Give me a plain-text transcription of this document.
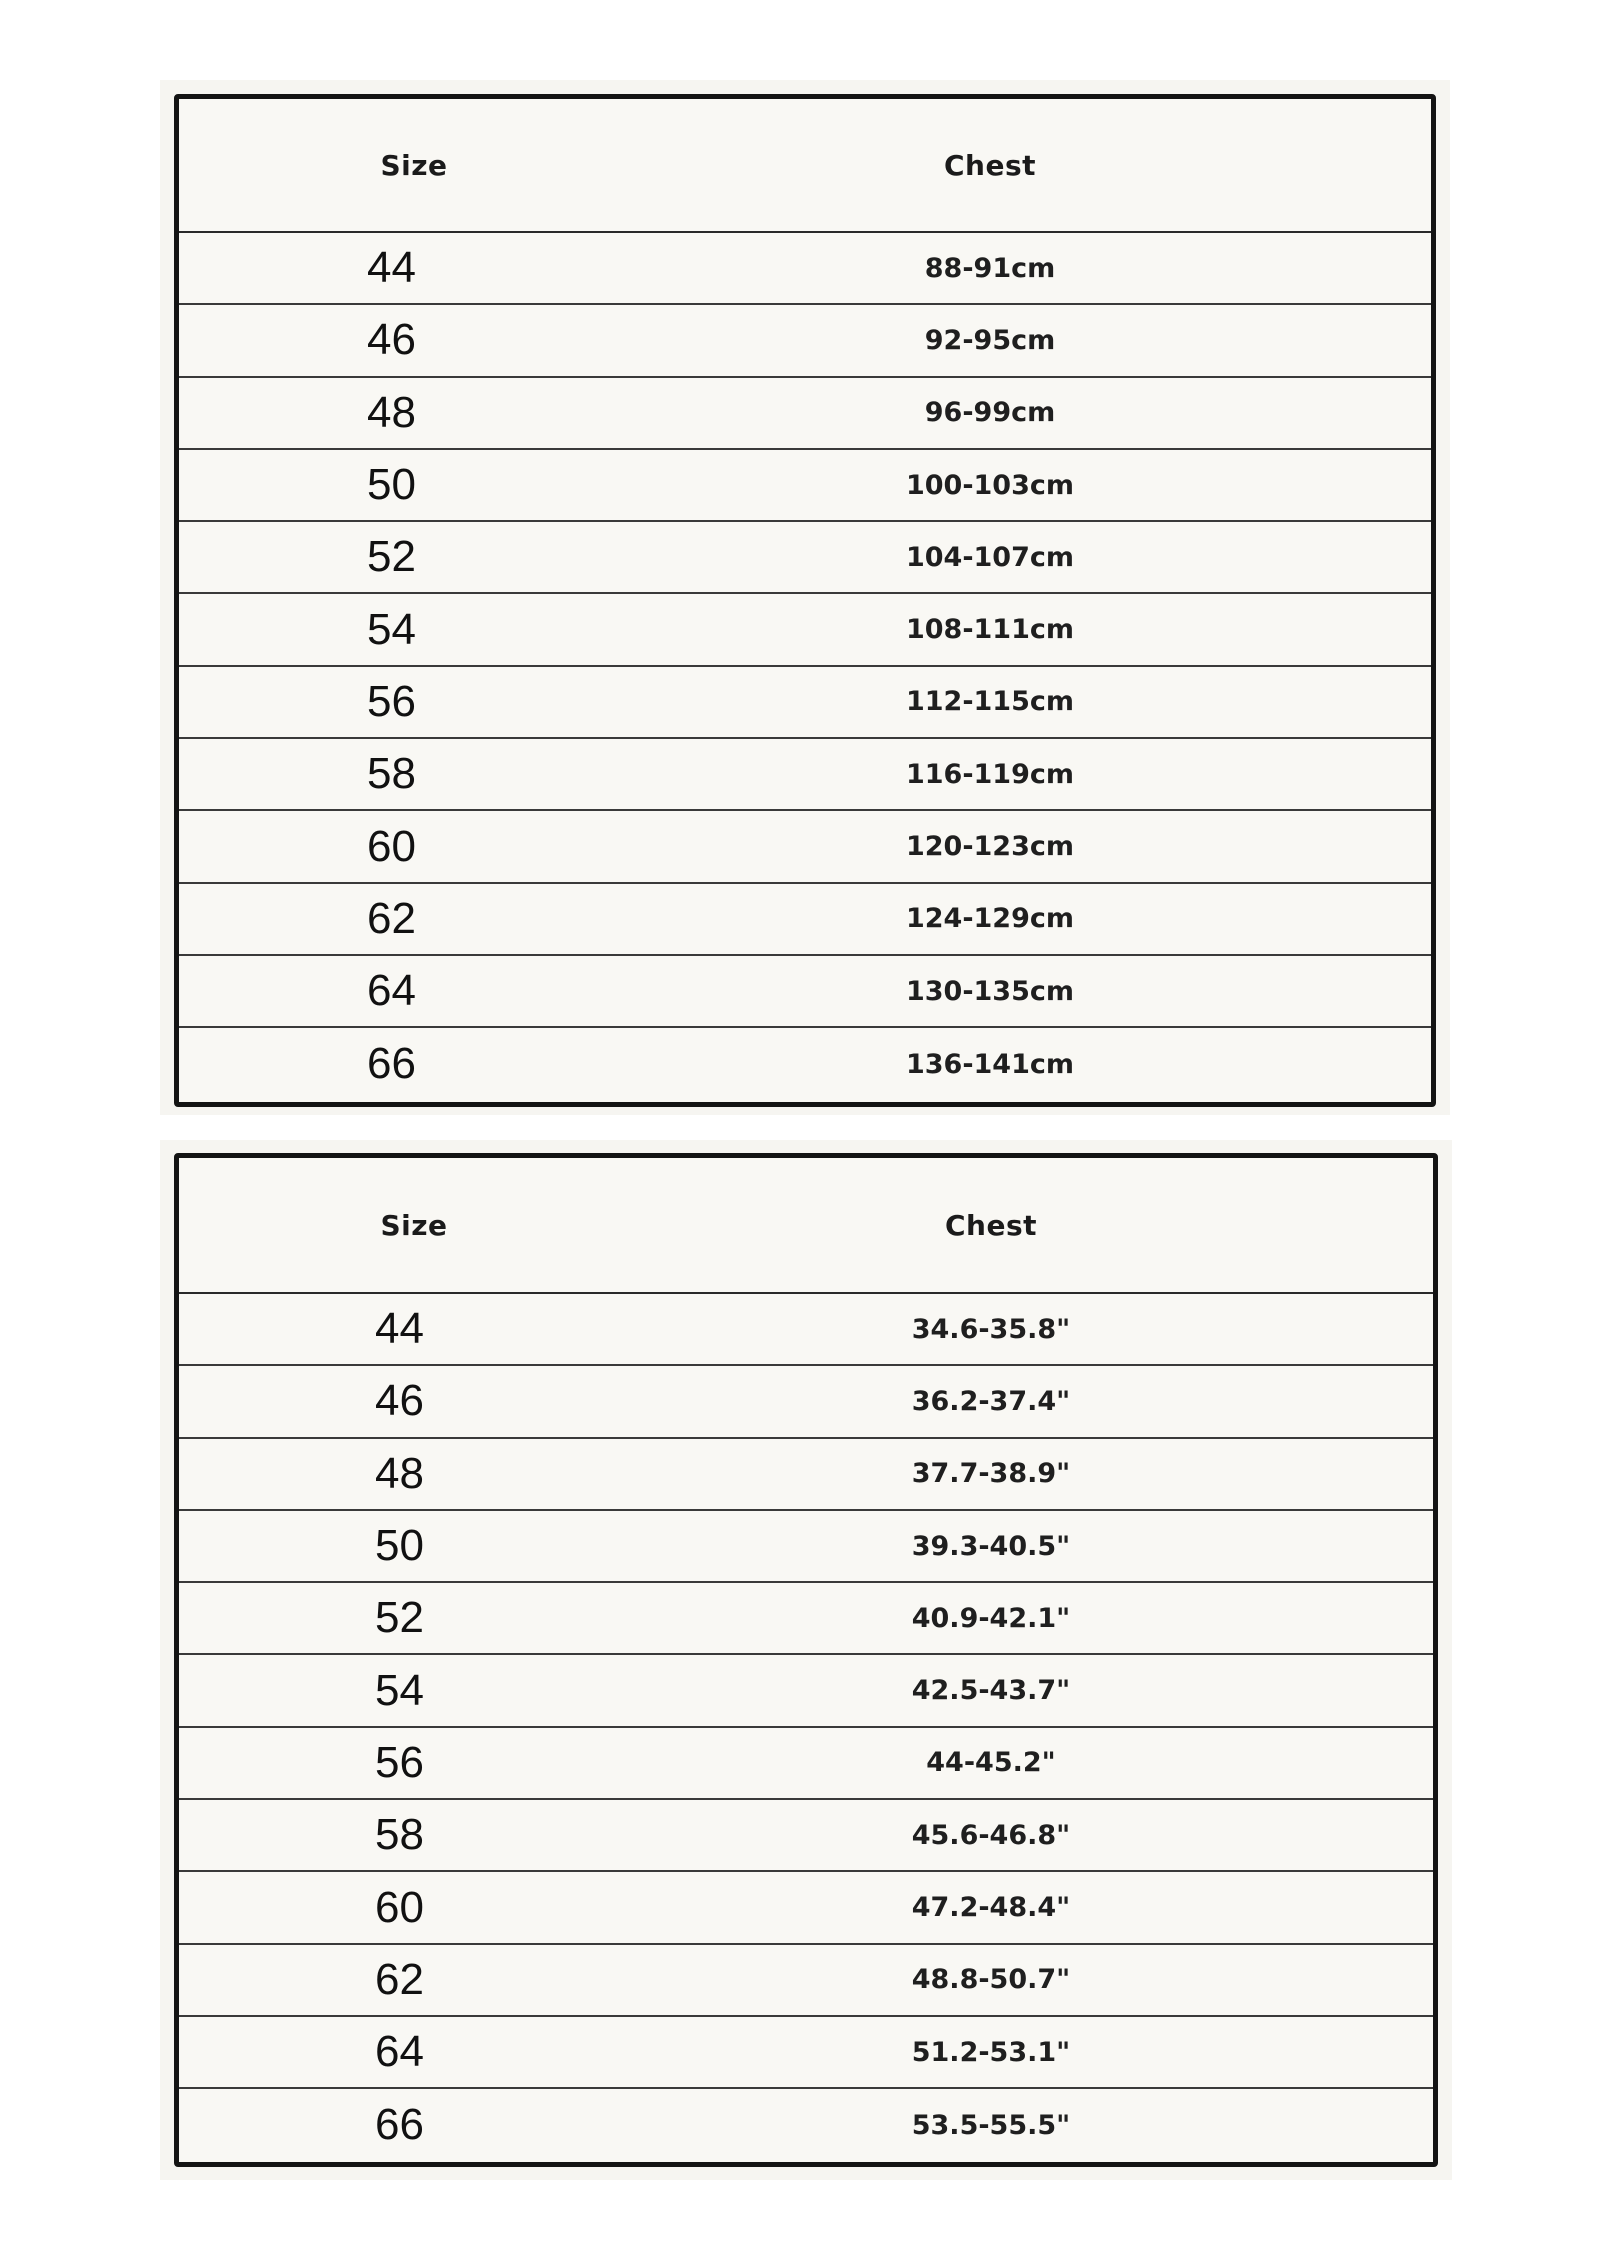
Size	Chest
44	88-91cm
46	92-95cm
48	96-99cm
50	100-103cm
52	104-107cm
54	108-111cm
56	112-115cm
58	116-119cm
60	120-123cm
62	124-129cm
64	130-135cm
66	136-141cm
Size	Chest
44	34.6-35.8"
46	36.2-37.4"
48	37.7-38.9"
50	39.3-40.5"
52	40.9-42.1"
54	42.5-43.7"
56	44-45.2"
58	45.6-46.8"
60	47.2-48.4"
62	48.8-50.7"
64	51.2-53.1"
66	53.5-55.5"
